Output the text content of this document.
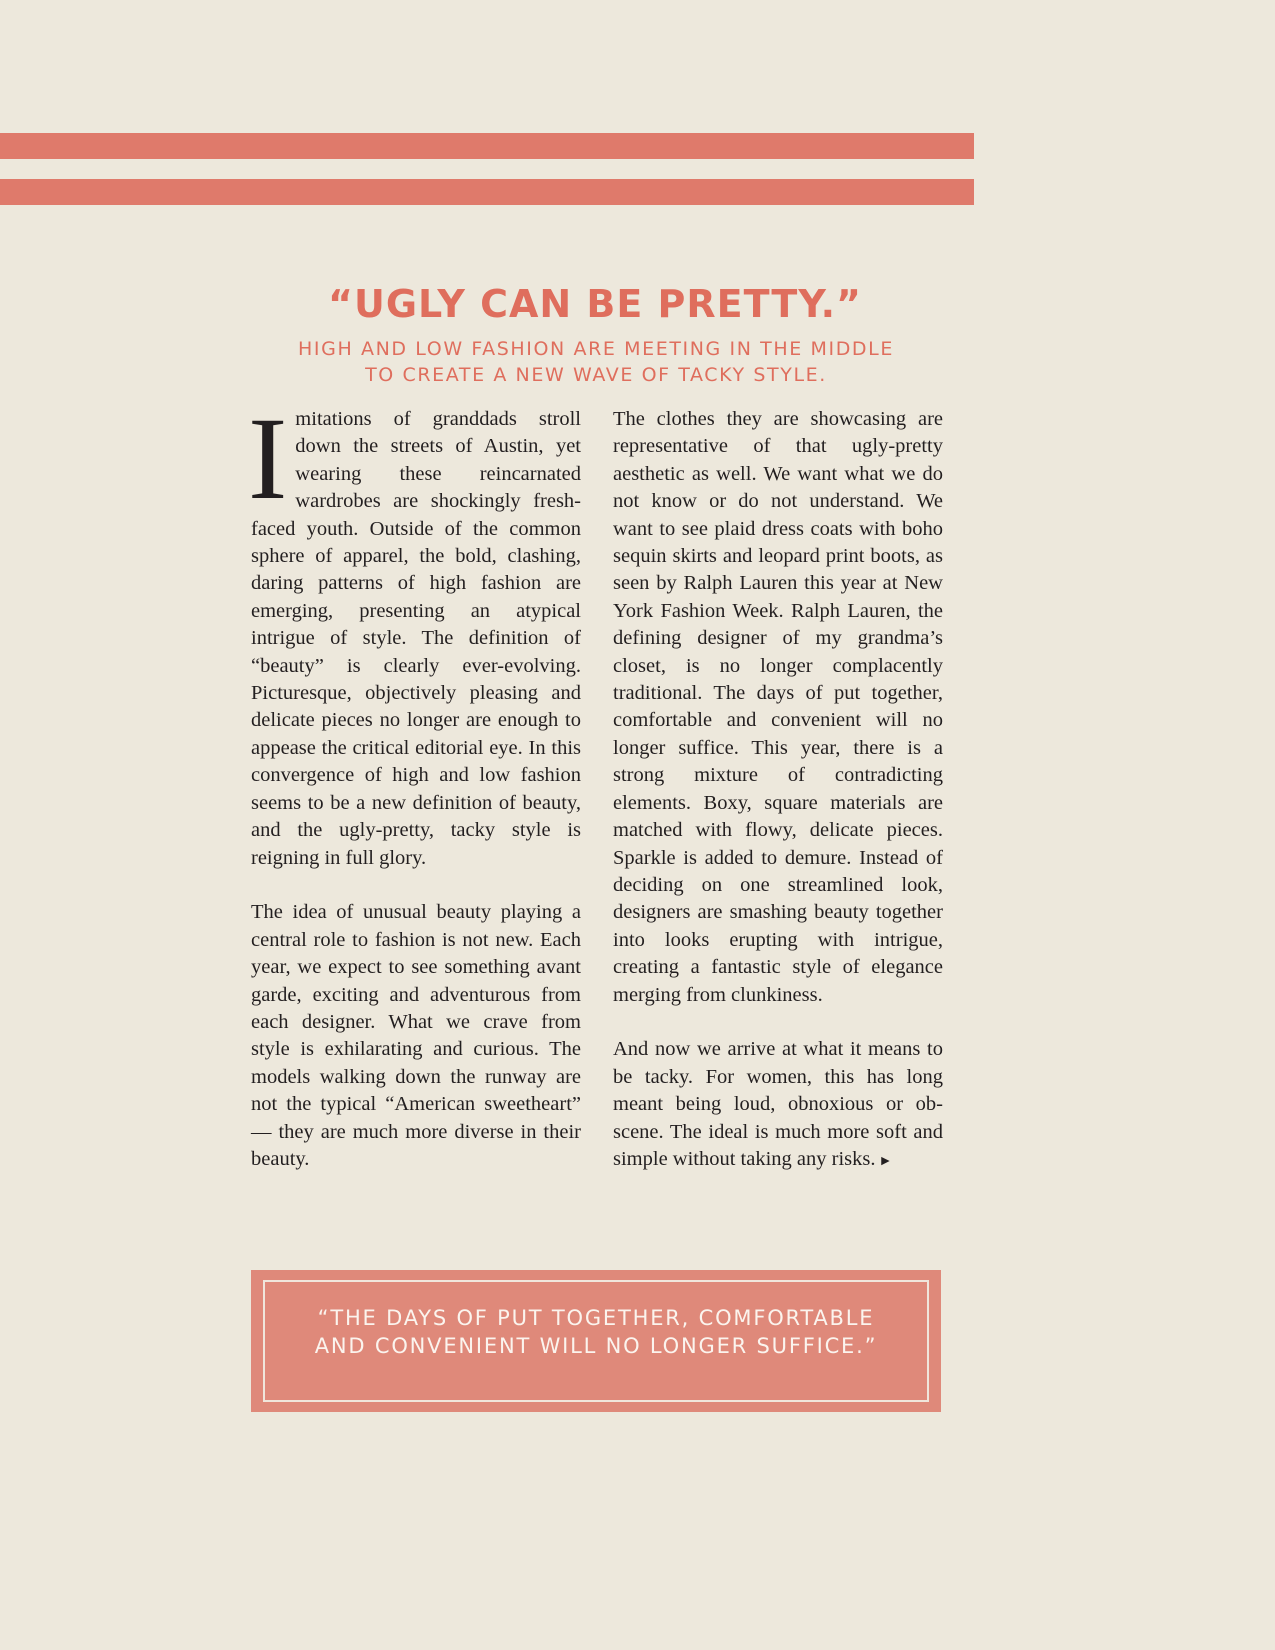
“UGLY CAN BE PRETTY.”
HIGH AND LOW FASHION ARE MEETING IN THE MIDDLE
TO CREATE A NEW WAVE OF TACKY STYLE.

Imitations of granddads stroll down the streets of Austin, yet wearing these reincarnated wardrobes are shockingly fresh-faced youth. Outside of the common sphere of apparel, the bold, clashing, daring patterns of high fashion are emerging, presenting an atypical intrigue of style. The definition of “beauty” is clearly ever-evolving. Picturesque, objectively pleasing and delicate pieces no longer are enough to appease the critical editorial eye. In this convergence of high and low fashion seems to be a new definition of beauty, and the ugly-pretty, tacky style is reigning in full glory.

The idea of unusual beauty playing a central role to fashion is not new. Each year, we expect to see something avant garde, exciting and adventurous from each designer. What we crave from style is exhilarating and curious. The models walking down the runway are not the typical “American sweetheart” — they are much more diverse in their beauty.

The clothes they are showcasing are representative of that ugly-pretty aesthetic as well. We want what we do not know or do not understand. We want to see plaid dress coats with boho sequin skirts and leopard print boots, as seen by Ralph Lauren this year at New York Fashion Week. Ralph Lauren, the defining designer of my grandma’s closet, is no longer complacently traditional. The days of put together, comfortable and convenient will no longer suffice. This year, there is a strong mixture of contradicting elements. Boxy, square materials are matched with flowy, delicate pieces. Sparkle is added to demure. Instead of deciding on one streamlined look, designers are smashing beauty together into looks erupting with intrigue, creating a fantastic style of elegance merging from clunkiness.

And now we arrive at what it means to be tacky. For women, this has long meant being loud, obnoxious or obscene. The ideal is much more soft and simple without taking any risks. ►

“THE DAYS OF PUT TOGETHER, COMFORTABLE
AND CONVENIENT WILL NO LONGER SUFFICE.”
